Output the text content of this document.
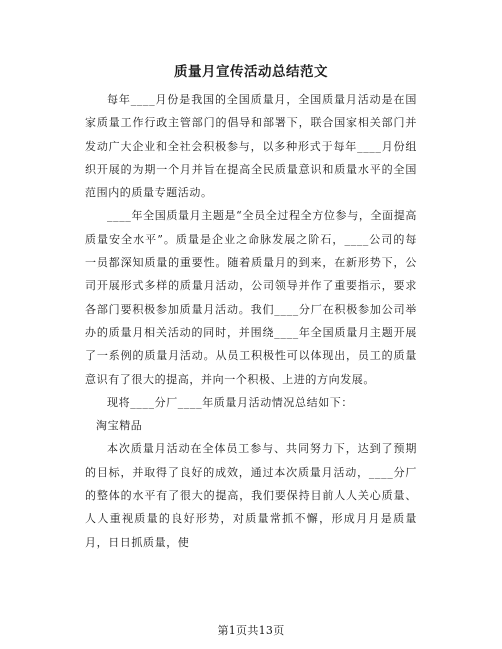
质量月宣传活动总结范文

每年____月份是我国的全国质量月，全国质量月活动是在国家质量工作行政主管部门的倡导和部署下，联合国家相关部门并发动广大企业和全社会积极参与，以多种形式于每年____月份组织开展的为期一个月并旨在提高全民质量意识和质量水平的全国范围内的质量专题活动。

____年全国质量月主题是“全员全过程全方位参与，全面提高质量安全水平”。质量是企业之命脉发展之阶石，____公司的每一员都深知质量的重要性。随着质量月的到来，在新形势下，公司开展形式多样的质量月活动，公司领导并作了重要指示，要求各部门要积极参加质量月活动。我们____分厂在积极参加公司举办的质量月相关活动的同时，并围绕____年全国质量月主题开展了一系例的质量月活动。从员工积极性可以体现出，员工的质量意识有了很大的提高，并向一个积极、上进的方向发展。

现将____分厂____年质量月活动情况总结如下：

淘宝精品

本次质量月活动在全体员工参与、共同努力下，达到了预期的目标，并取得了良好的成效，通过本次质量月活动，____分厂的整体的水平有了很大的提高，我们要保持目前人人关心质量、人人重视质量的良好形势，对质量常抓不懈，形成月月是质量月，日日抓质量，使

第1页共13页
